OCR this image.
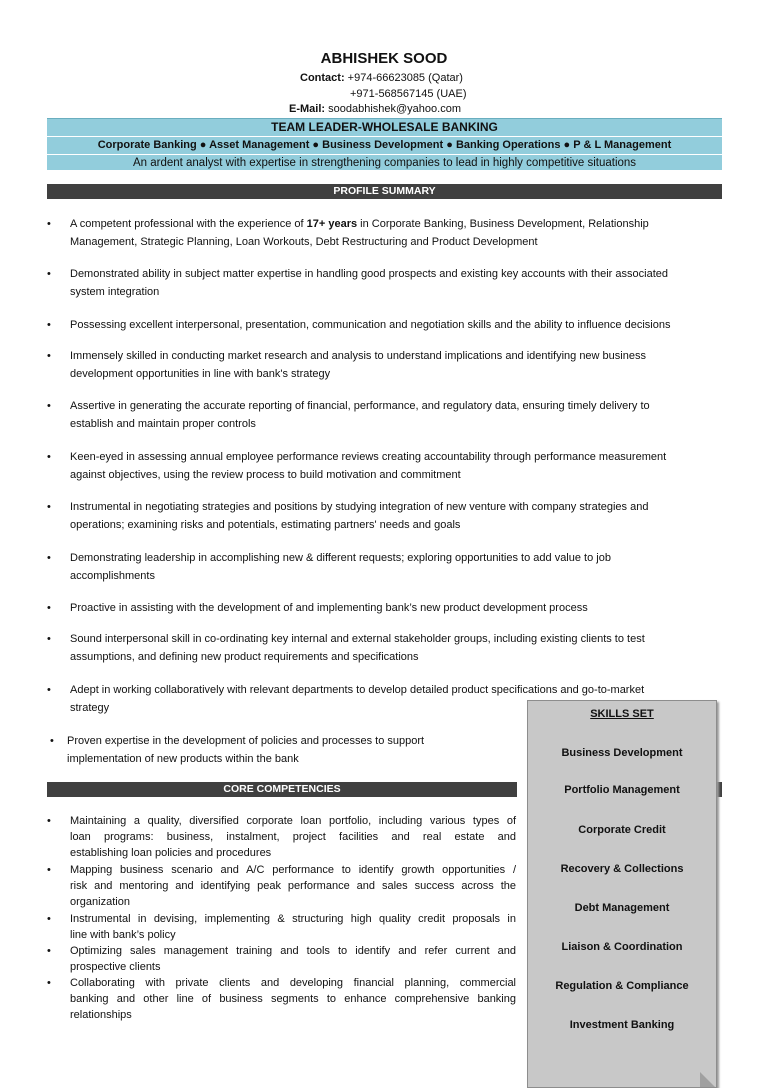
ABHISHEK SOOD
Contact: +974-66623085 (Qatar)
+971-568567145 (UAE)
E-Mail: soodabhishek@yahoo.com
TEAM LEADER-WHOLESALE BANKING
Corporate Banking ● Asset Management ● Business Development ● Banking Operations ● P & L Management
An ardent analyst with expertise in strengthening companies to lead in highly competitive situations
PROFILE SUMMARY
• A competent professional with the experience of 17+ years in Corporate Banking, Business Development, Relationship
Management, Strategic Planning, Loan Workouts, Debt Restructuring and Product Development
• Demonstrated ability in subject matter expertise in handling good prospects and existing key accounts with their associated
system integration
• Possessing excellent interpersonal, presentation, communication and negotiation skills and the ability to influence decisions
• Immensely skilled in conducting market research and analysis to understand implications and identifying new business
development opportunities in line with bank's strategy
• Assertive in generating the accurate reporting of financial, performance, and regulatory data, ensuring timely delivery to
establish and maintain proper controls
• Keen-eyed in assessing annual employee performance reviews creating accountability through performance measurement
against objectives, using the review process to build motivation and commitment
• Instrumental in negotiating strategies and positions by studying integration of new venture with company strategies and
operations; examining risks and potentials, estimating partners' needs and goals
• Demonstrating leadership in accomplishing new & different requests; exploring opportunities to add value to job
accomplishments
• Proactive in assisting with the development of and implementing bank’s new product development process
• Sound interpersonal skill in co-ordinating key internal and external stakeholder groups, including existing clients to test
assumptions, and defining new product requirements and specifications
• Adept in working collaboratively with relevant departments to develop detailed product specifications and go-to-market
strategy
• Proven expertise in the development of policies and processes to support
implementation of new products within the bank
CORE COMPETENCIES
• Maintaining a quality, diversified corporate loan portfolio, including various types of
loan programs: business, instalment, project facilities and real estate and
establishing loan policies and procedures
• Mapping business scenario and A/C performance to identify growth opportunities /
risk and mentoring and identifying peak performance and sales success across the
organization
• Instrumental in devising, implementing & structuring high quality credit proposals in
line with bank’s policy
• Optimizing sales management training and tools to identify and refer current and
prospective clients
• Collaborating with private clients and developing financial planning, commercial
banking and other line of business segments to enhance comprehensive banking
relationships
SKILLS SET
Business Development
Portfolio Management
Corporate Credit
Recovery & Collections
Debt Management
Liaison & Coordination
Regulation & Compliance
Investment Banking
